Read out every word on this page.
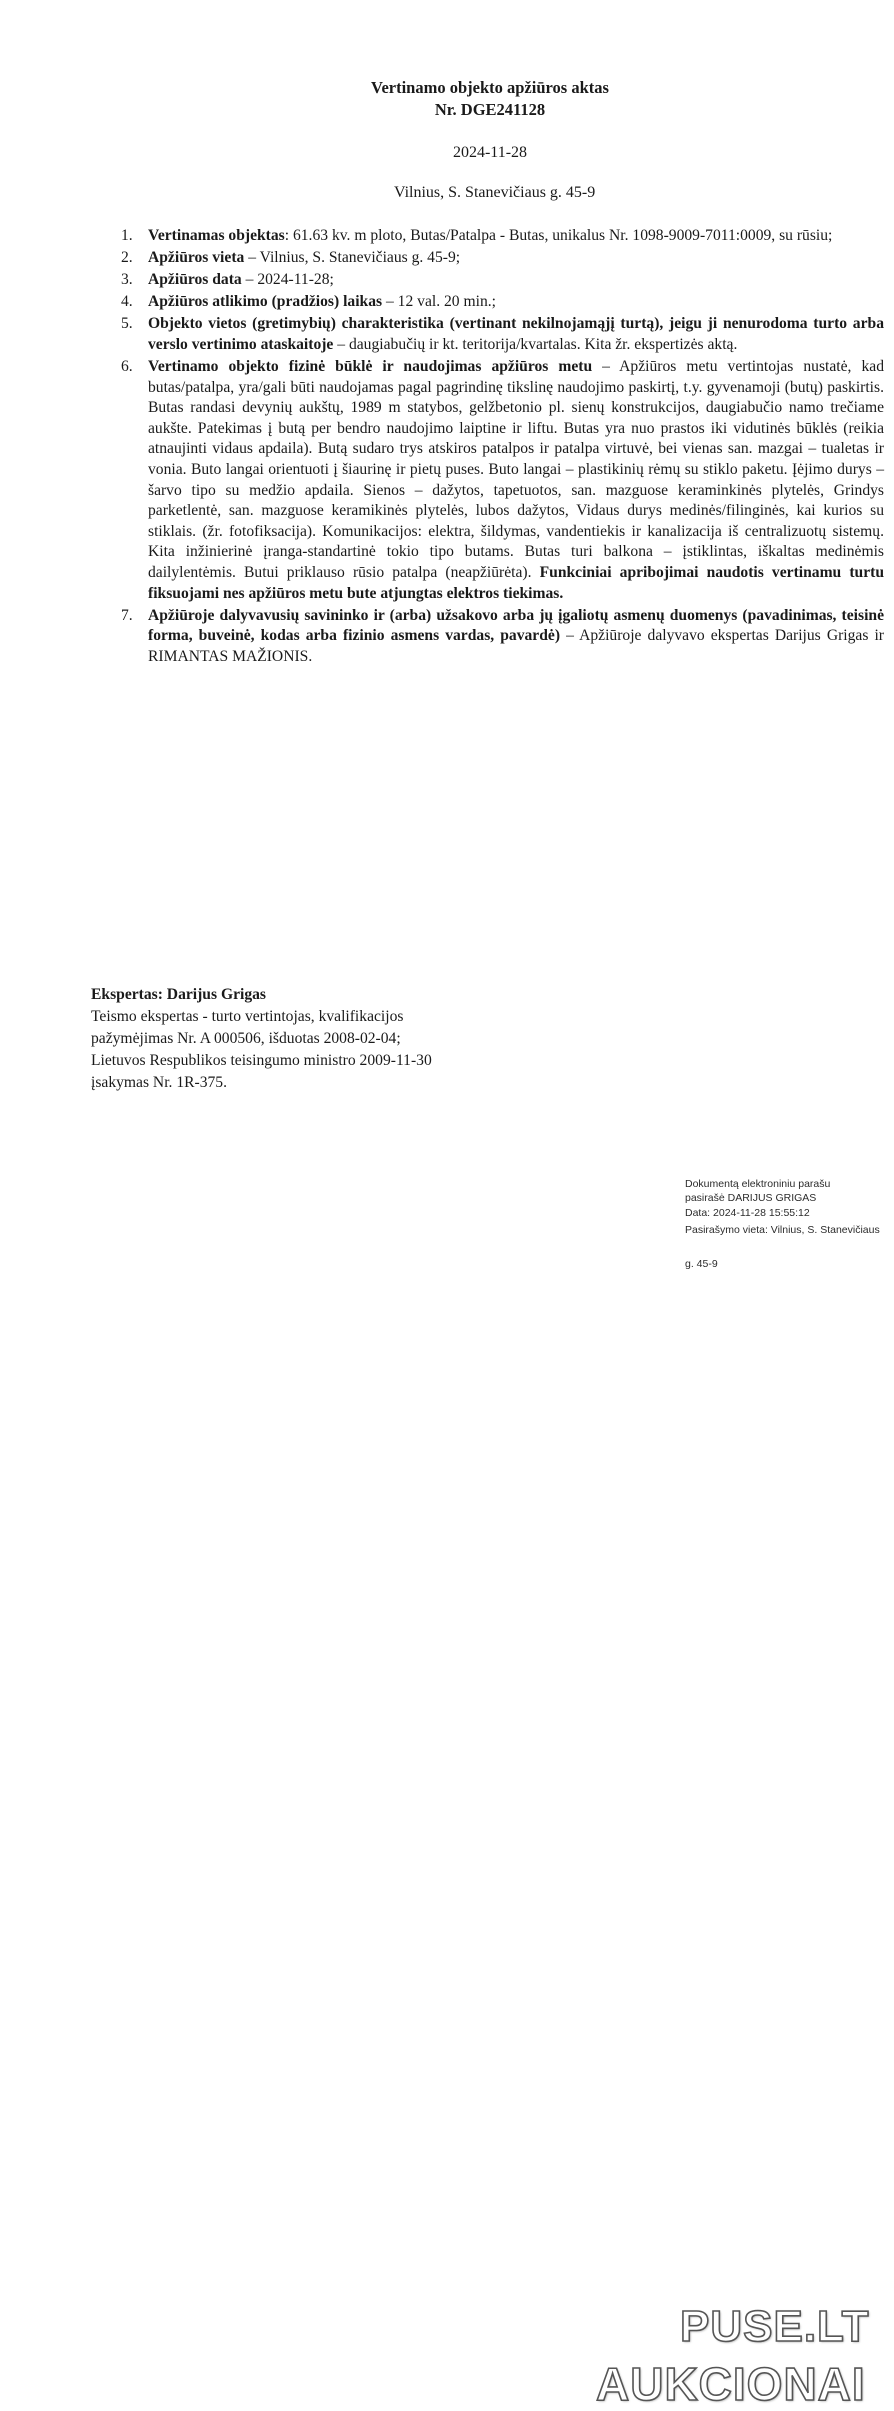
Vertinamo objekto apžiūros aktas
Nr. DGE241128
2024-11-28
Vilnius, S. Stanevičiaus g. 45-9
1. Vertinamas objektas: 61.63 kv. m ploto, Butas/Patalpa - Butas, unikalus Nr. 1098-9009-7011:0009, su rūsiu;
2. Apžiūros vieta – Vilnius, S. Stanevičiaus g. 45-9;
3. Apžiūros data – 2024-11-28;
4. Apžiūros atlikimo (pradžios) laikas – 12 val. 20 min.;
5. Objekto vietos (gretimybių) charakteristika (vertinant nekilnojamąjį turtą), jeigu ji nenurodoma turto arba verslo vertinimo ataskaitoje – daugiabučių ir kt. teritorija/kvartalas. Kita žr. ekspertizės aktą.
6. Vertinamo objekto fizinė būklė ir naudojimas apžiūros metu – Apžiūros metu vertintojas nustatė, kad butas/patalpa, yra/gali būti naudojamas pagal pagrindinę tikslinę naudojimo paskirtį, t.y. gyvenamoji (butų) paskirtis. Butas randasi devynių aukštų, 1989 m statybos, gelžbetonio pl. sienų konstrukcijos, daugiabučio namo trečiame aukšte. Patekimas į butą per bendro naudojimo laiptine ir liftu. Butas yra nuo prastos iki vidutinės būklės (reikia atnaujinti vidaus apdaila). Butą sudaro trys atskiros patalpos ir patalpa virtuvė, bei vienas san. mazgai – tualetas ir vonia. Buto langai orientuoti į šiaurinę ir pietų puses. Buto langai – plastikinių rėmų su stiklo paketu. Įėjimo durys – šarvo tipo su medžio apdaila. Sienos – dažytos, tapetuotos, san. mazguose keraminkinės plytelės, Grindys parketlentė, san. mazguose keramikinės plytelės, lubos dažytos, Vidaus durys medinės/filinginės, kai kurios su stiklais. (žr. fotofiksacija). Komunikacijos: elektra, šildymas, vandentiekis ir kanalizacija iš centralizuotų sistemų. Kita inžinierinė įranga-standartinė tokio tipo butams. Butas turi balkona – įstiklintas, iškaltas medinėmis dailylentėmis. Butui priklauso rūsio patalpa (neapžiūrėta). Funkciniai apribojimai naudotis vertinamu turtu fiksuojami nes apžiūros metu bute atjungtas elektros tiekimas.
7. Apžiūroje dalyvavusių savininko ir (arba) užsakovo arba jų įgaliotų asmenų duomenys (pavadinimas, teisinė forma, buveinė, kodas arba fizinio asmens vardas, pavardė) – Apžiūroje dalyvavo ekspertas Darijus Grigas ir RIMANTAS MAŽIONIS.
Ekspertas: Darijus Grigas
Teismo ekspertas - turto vertintojas, kvalifikacijos
pažymėjimas Nr. A 000506, išduotas 2008-02-04;
Lietuvos Respublikos teisingumo ministro 2009-11-30
įsakymas Nr. 1R-375.
Dokumentą elektroniniu parašu
pasirašė DARIJUS GRIGAS
Data: 2024-11-28 15:55:12
Pasirašymo vieta: Vilnius, S. Stanevičiaus
g. 45-9
PUSE.LT
AUKCIONAI
